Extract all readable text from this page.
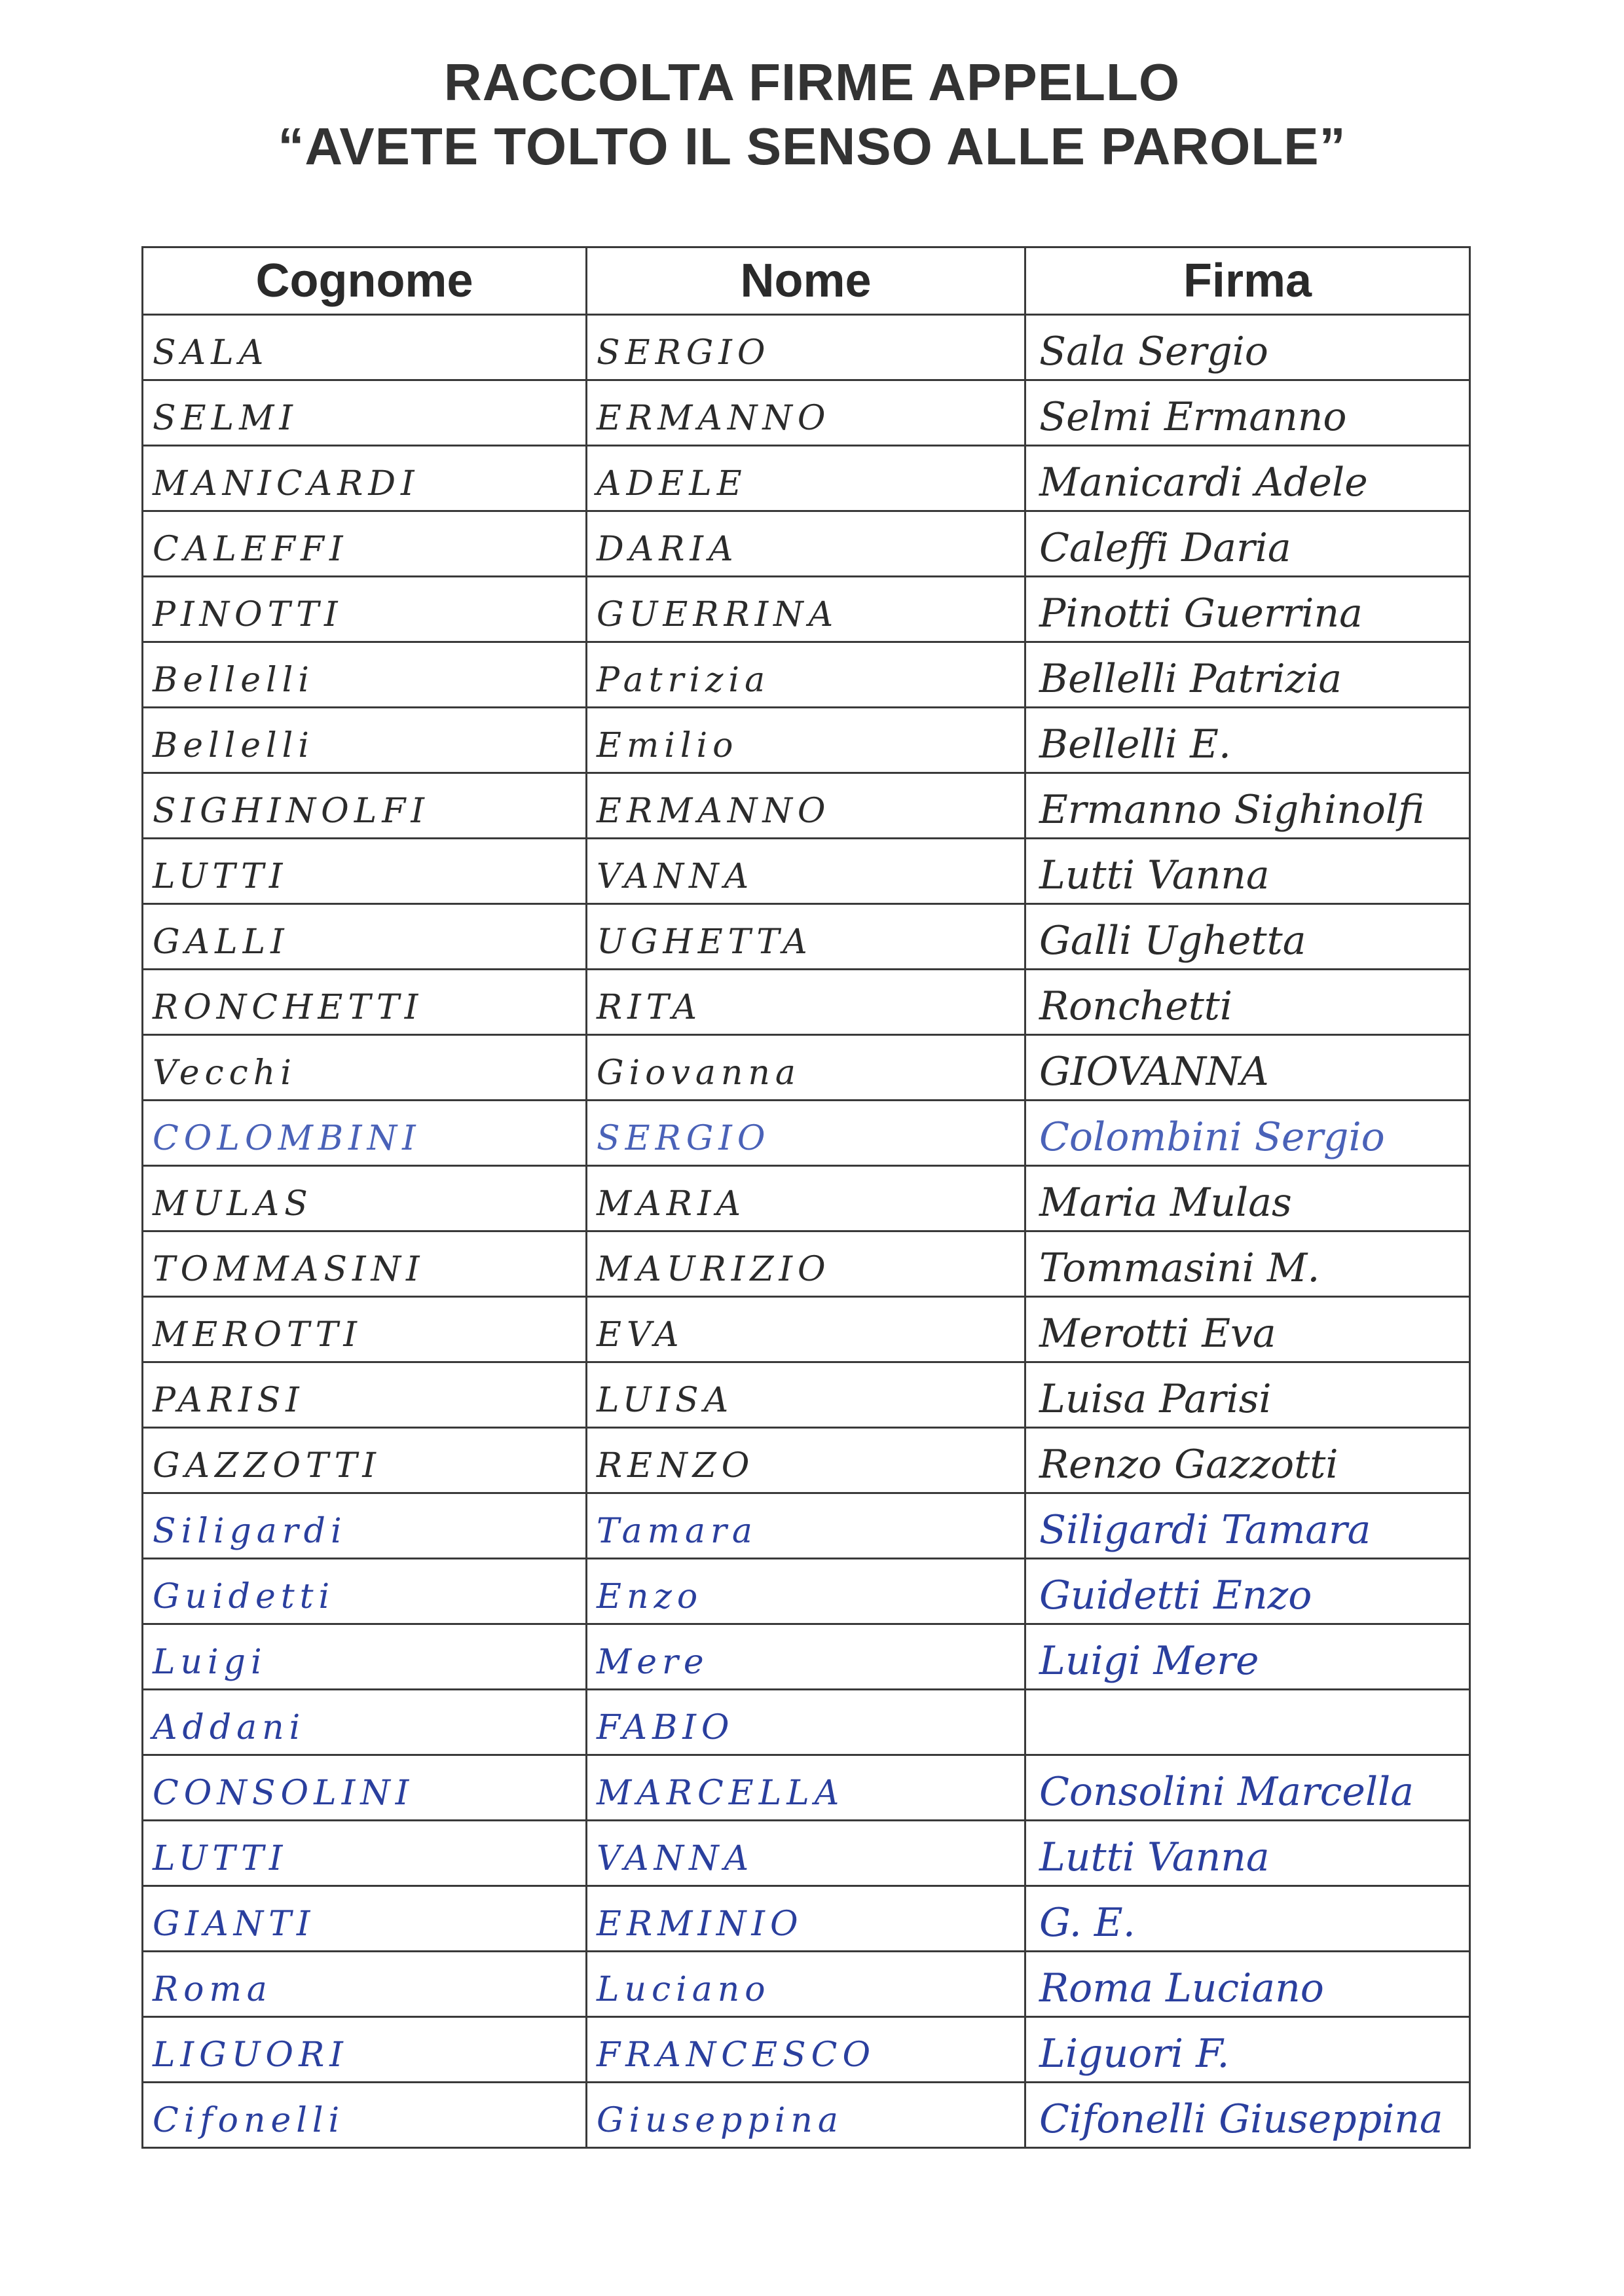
RACCOLTA FIRME APPELLO
“AVETE TOLTO IL SENSO ALLE PAROLE”
Cognome	Nome	Firma

SALA	SERGIO	Sala Sergio

SELMI	ERMANNO	Selmi Ermanno

MANICARDI	ADELE	Manicardi Adele

CALEFFI	DARIA	Caleffi Daria

PINOTTI	GUERRINA	Pinotti Guerrina

Bellelli	Patrizia	Bellelli Patrizia

Bellelli	Emilio	Bellelli E.

SIGHINOLFI	ERMANNO	Ermanno Sighinolfi

LUTTI	VANNA	Lutti Vanna

GALLI	UGHETTA	Galli Ughetta

RONCHETTI	RITA	Ronchetti

Vecchi	Giovanna	GIOVANNA

COLOMBINI	SERGIO	Colombini Sergio

MULAS	MARIA	Maria Mulas

TOMMASINI	MAURIZIO	Tommasini M.

MEROTTI	EVA	Merotti Eva

PARISI	LUISA	Luisa Parisi

GAZZOTTI	RENZO	Renzo Gazzotti

Siligardi	Tamara	Siligardi Tamara

Guidetti	Enzo	Guidetti Enzo

Luigi	Mere	Luigi Mere

Addani	FABIO	

CONSOLINI	MARCELLA	Consolini Marcella

LUTTI	VANNA	Lutti Vanna

GIANTI	ERMINIO	G. E.

Roma	Luciano	Roma Luciano

LIGUORI	FRANCESCO	Liguori F.

Cifonelli	Giuseppina	Cifonelli Giuseppina
